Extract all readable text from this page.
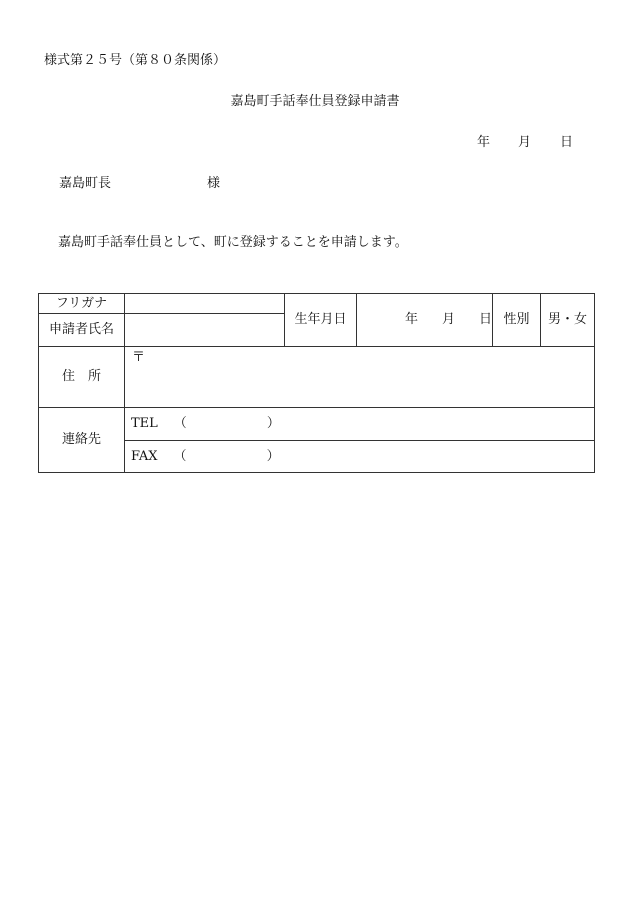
様式第２５号（第８０条関係）
嘉島町手話奉仕員登録申請書
年 月 日
嘉島町長	様
嘉島町手話奉仕員として、町に登録することを申請します。
フリガナ		生年月日	年 月 日	性別	男・女
申請者氏名					
住　所	〒				

連絡先	TEL （ ）				
	FAX （ ）				
